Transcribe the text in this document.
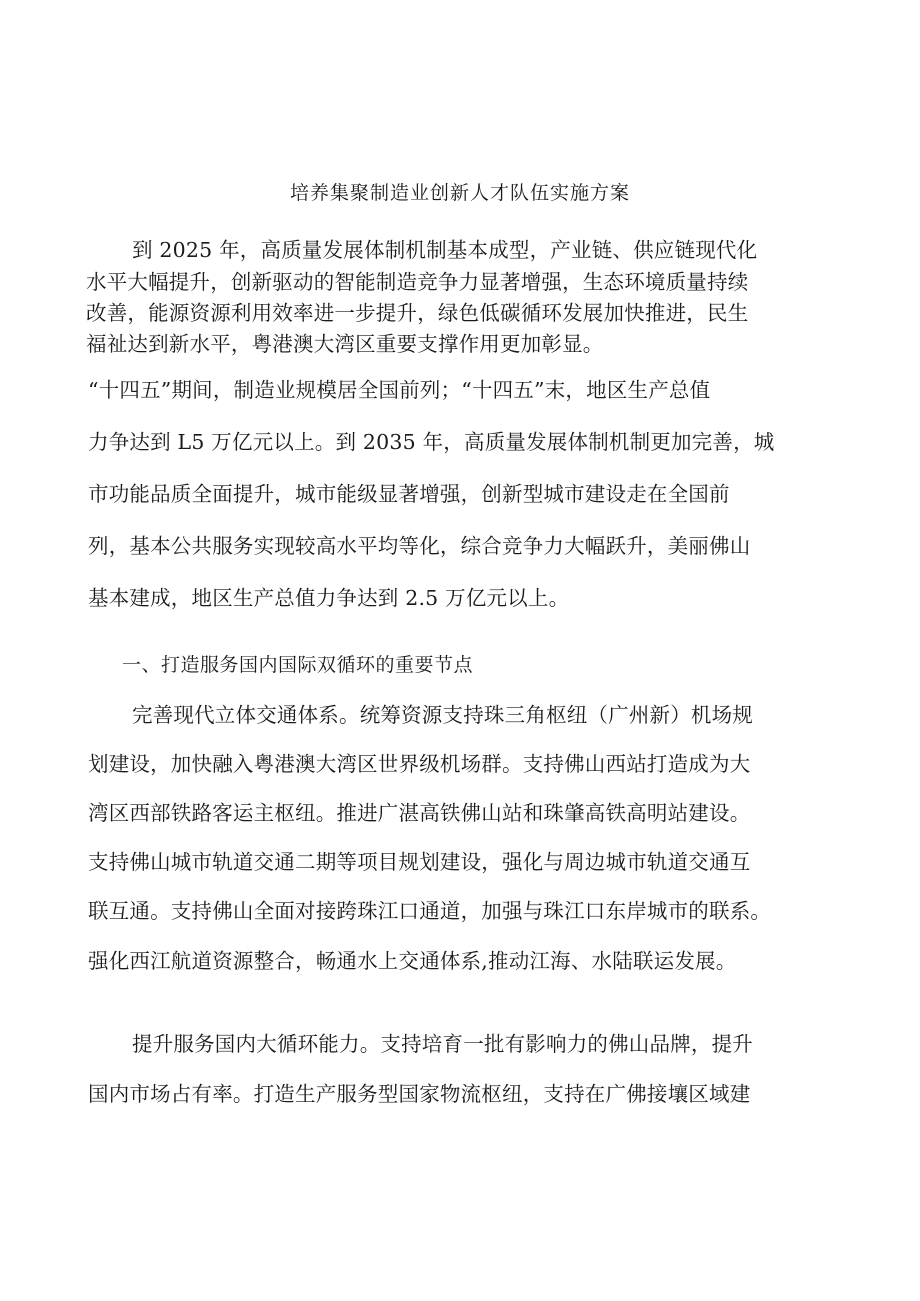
培养集聚制造业创新人才队伍实施方案
到 2025 年，高质量发展体制机制基本成型，产业链、供应链现代化
水平大幅提升，创新驱动的智能制造竞争力显著增强，生态环境质量持续
改善，能源资源利用效率进一步提升，绿色低碳循环发展加快推进，民生
福祉达到新水平，粤港澳大湾区重要支撑作用更加彰显。
“十四五”期间，制造业规模居全国前列；“十四五”末，地区生产总值
力争达到 L5 万亿元以上。到 2035 年，高质量发展体制机制更加完善，城
市功能品质全面提升，城市能级显著增强，创新型城市建设走在全国前
列，基本公共服务实现较高水平均等化，综合竞争力大幅跃升，美丽佛山
基本建成，地区生产总值力争达到 2.5 万亿元以上。
一、打造服务国内国际双循环的重要节点
完善现代立体交通体系。统筹资源支持珠三角枢纽（广州新）机场规
划建设，加快融入粤港澳大湾区世界级机场群。支持佛山西站打造成为大
湾区西部铁路客运主枢纽。推进广湛高铁佛山站和珠肇高铁高明站建设。
支持佛山城市轨道交通二期等项目规划建设，强化与周边城市轨道交通互
联互通。支持佛山全面对接跨珠江口通道，加强与珠江口东岸城市的联系。
强化西江航道资源整合，畅通水上交通体系,推动江海、水陆联运发展。
提升服务国内大循环能力。支持培育一批有影响力的佛山品牌，提升
国内市场占有率。打造生产服务型国家物流枢纽，支持在广佛接壤区域建
